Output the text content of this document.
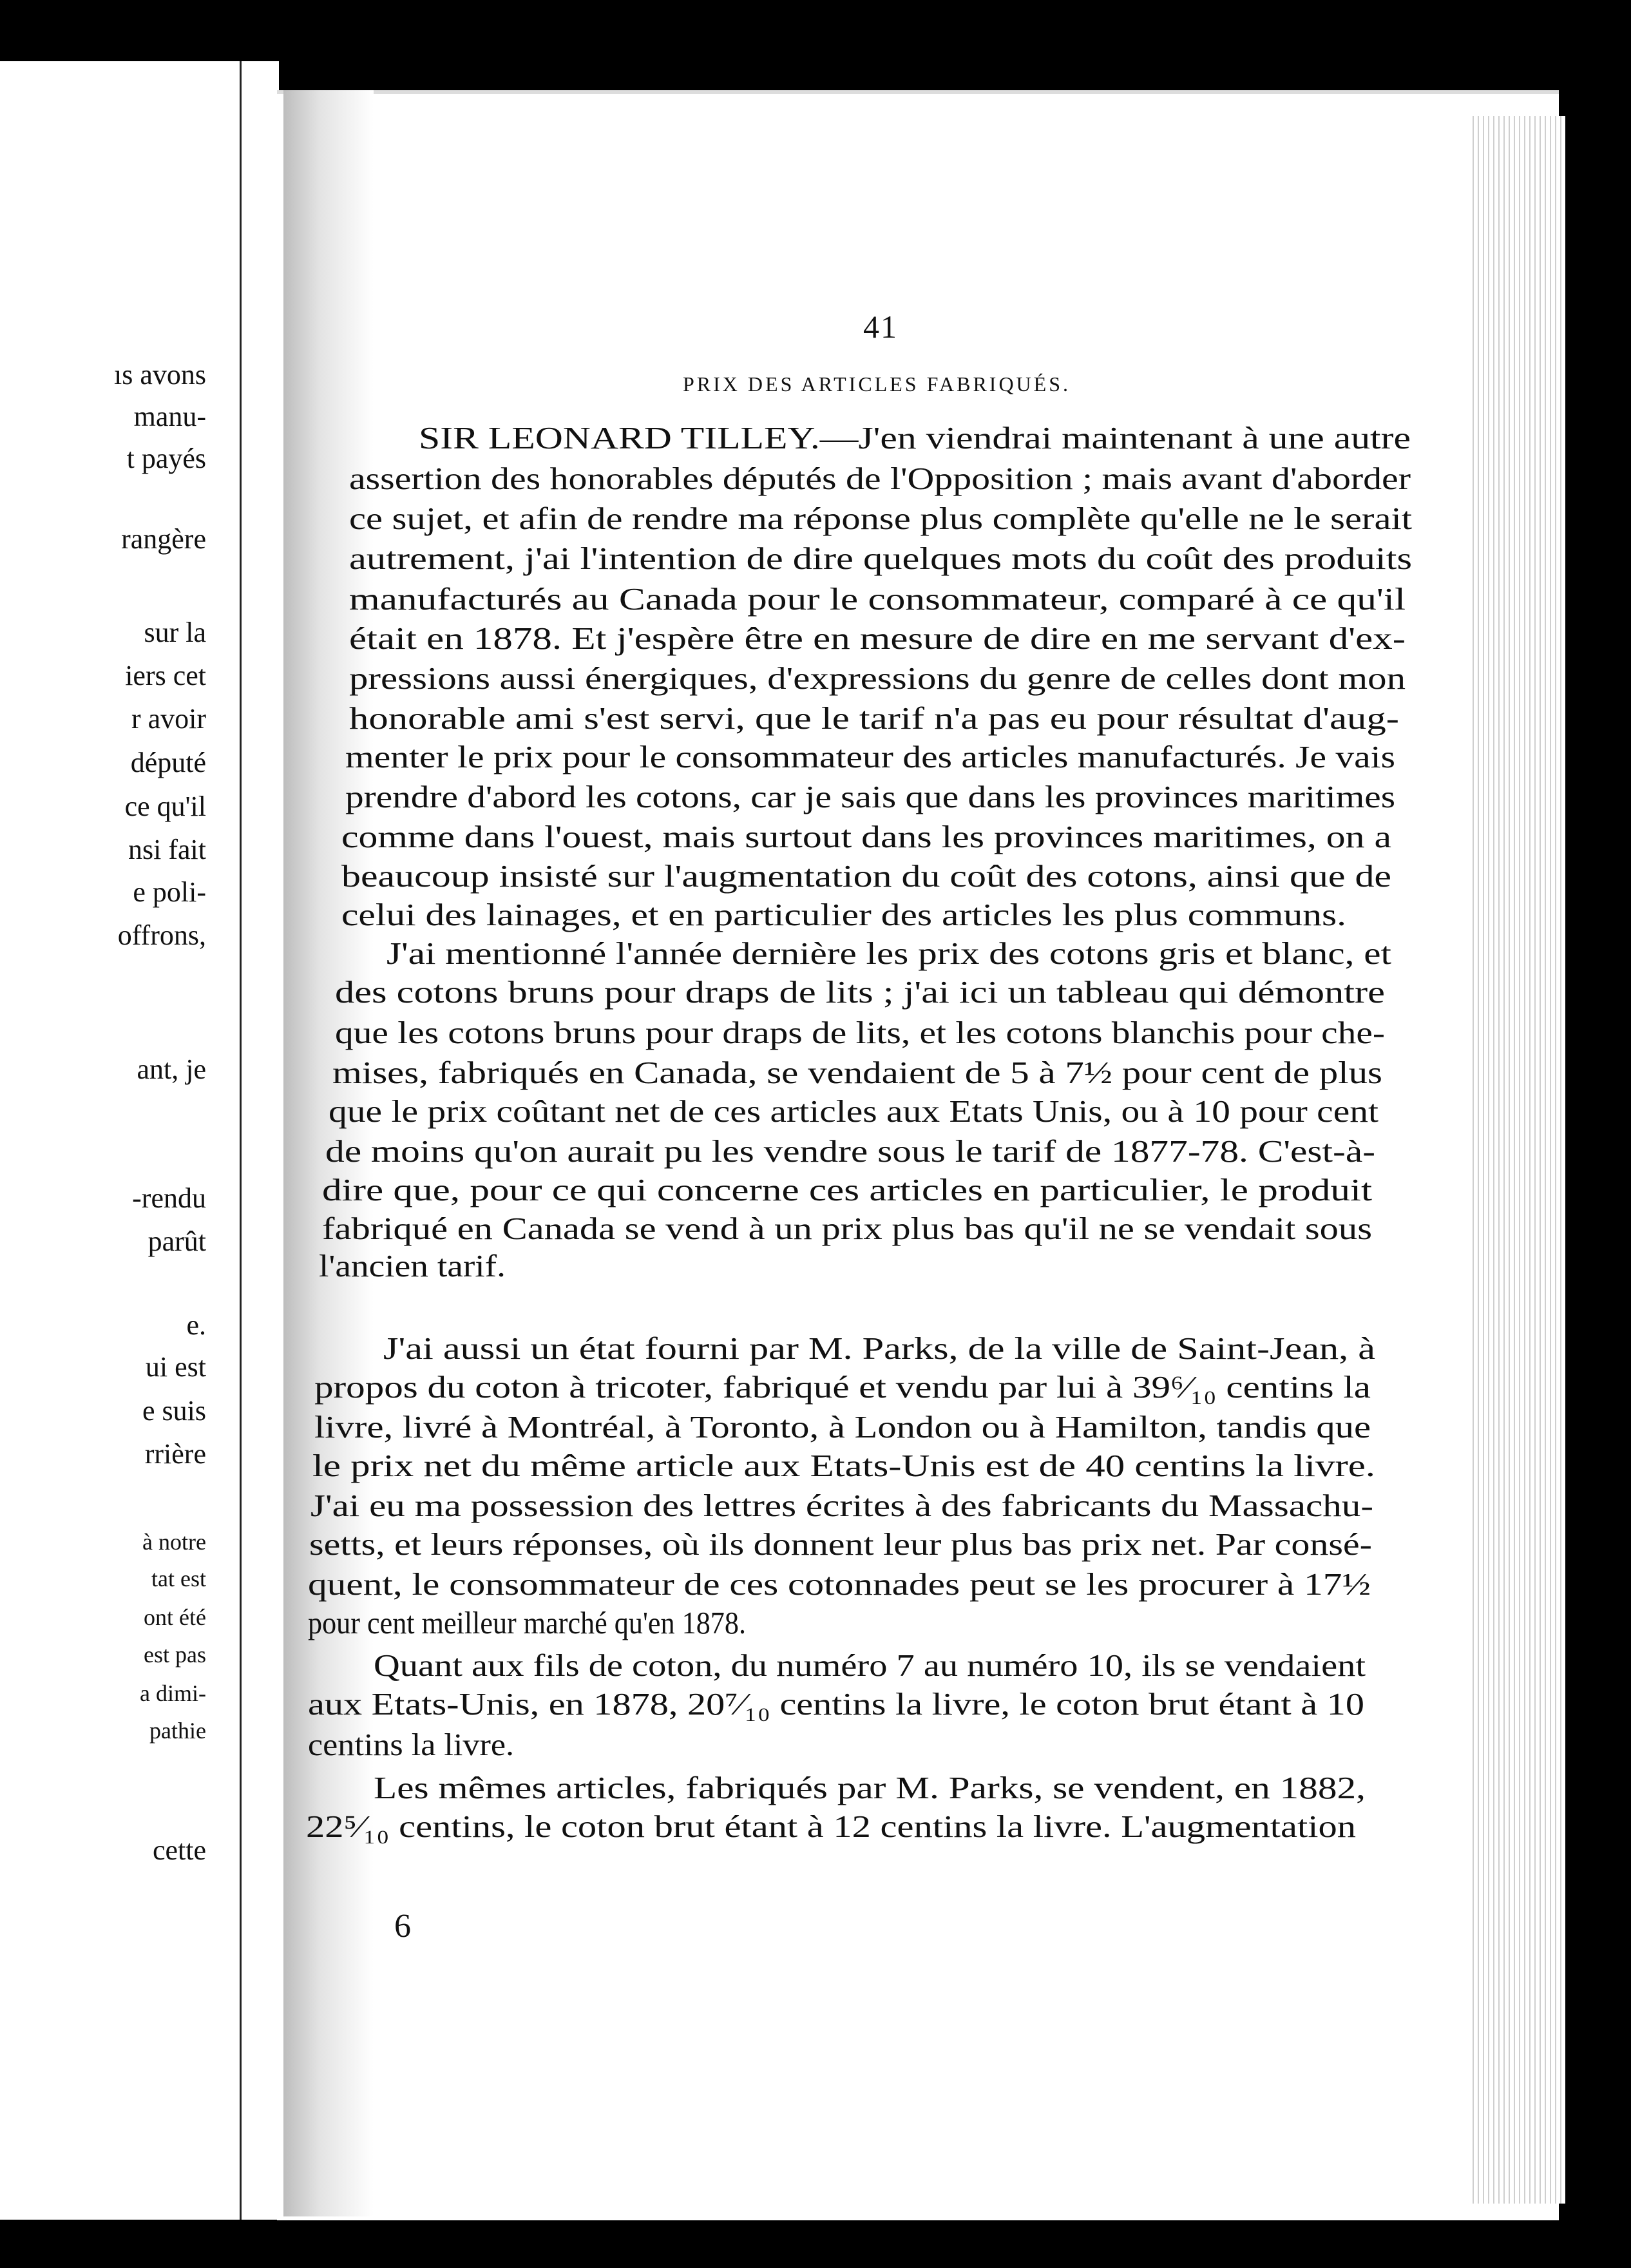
ıs avons
manu-
t payés
rangère
sur la
iers cet
r avoir
député
ce qu'il
nsi fait
e poli-
offrons,
ant, je
-rendu
parût
e.
ui est
e suis
rrière
à notre
tat est
ont été
est pas
a dimi-
pathie
cette
41
PRIX DES ARTICLES FABRIQUÉS.
SIR LEONARD TILLEY.—J'en viendrai maintenant à une autre
assertion des honorables députés de l'Opposition ; mais avant d'aborder
ce sujet, et afin de rendre ma réponse plus complète qu'elle ne le serait
autrement, j'ai l'intention de dire quelques mots du coût des produits
manufacturés au Canada pour le consommateur, comparé à ce qu'il
était en 1878. Et j'espère être en mesure de dire en me servant d'ex-
pressions aussi énergiques, d'expressions du genre de celles dont mon
honorable ami s'est servi, que le tarif n'a pas eu pour résultat d'aug-
menter le prix pour le consommateur des articles manufacturés. Je vais
prendre d'abord les cotons, car je sais que dans les provinces maritimes
comme dans l'ouest, mais surtout dans les provinces maritimes, on a
beaucoup insisté sur l'augmentation du coût des cotons, ainsi que de
celui des lainages, et en particulier des articles les plus communs.
J'ai mentionné l'année dernière les prix des cotons gris et blanc, et
des cotons bruns pour draps de lits ; j'ai ici un tableau qui démontre
que les cotons bruns pour draps de lits, et les cotons blanchis pour che-
mises, fabriqués en Canada, se vendaient de 5 à 7½ pour cent de plus
que le prix coûtant net de ces articles aux Etats Unis, ou à 10 pour cent
de moins qu'on aurait pu les vendre sous le tarif de 1877-78. C'est-à-
dire que, pour ce qui concerne ces articles en particulier, le produit
fabriqué en Canada se vend à un prix plus bas qu'il ne se vendait sous
l'ancien tarif.
J'ai aussi un état fourni par M. Parks, de la ville de Saint-Jean, à
propos du coton à tricoter, fabriqué et vendu par lui à 39⁶⁄₁₀ centins la
livre, livré à Montréal, à Toronto, à London ou à Hamilton, tandis que
le prix net du même article aux Etats-Unis est de 40 centins la livre.
J'ai eu ma possession des lettres écrites à des fabricants du Massachu-
setts, et leurs réponses, où ils donnent leur plus bas prix net. Par consé-
quent, le consommateur de ces cotonnades peut se les procurer à 17½
pour cent meilleur marché qu'en 1878.
Quant aux fils de coton, du numéro 7 au numéro 10, ils se vendaient
aux Etats-Unis, en 1878, 20⁷⁄₁₀ centins la livre, le coton brut étant à 10
centins la livre.
Les mêmes articles, fabriqués par M. Parks, se vendent, en 1882,
22⁵⁄₁₀ centins, le coton brut étant à 12 centins la livre. L'augmentation
6
